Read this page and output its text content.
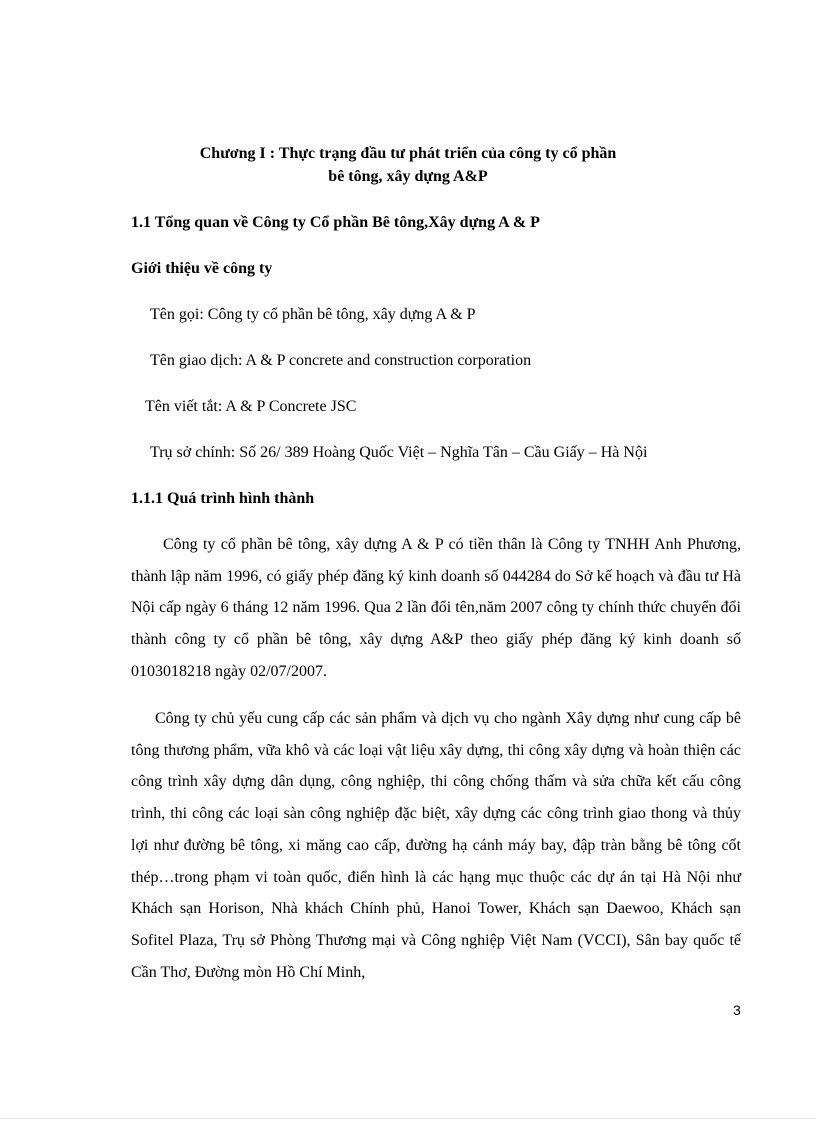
Chương I : Thực trạng đầu tư phát triển của công ty cổ phần
bê tông, xây dựng A&P
1.1 Tổng quan về Công ty Cổ phần Bê tông,Xây dựng A & P
Giới thiệu về công ty
Tên gọi: Công ty cổ phần bê tông, xây dựng A & P
Tên giao dịch: A & P concrete and construction corporation
Tên viết tắt: A & P Concrete JSC
Trụ sở chính: Số 26/ 389 Hoàng Quốc Việt – Nghĩa Tân – Cầu Giấy – Hà Nội
1.1.1 Quá trình hình thành
Công ty cổ phần bê tông, xây dựng A & P có tiền thân là Công ty TNHH Anh Phương, thành lập năm 1996, có giấy phép đăng ký kinh doanh số 044284 do Sở kế hoạch và đầu tư Hà Nội cấp ngày 6 tháng 12 năm 1996. Qua 2 lần đổi tên,năm 2007 công ty chính thức chuyển đổi thành công ty cổ phần bê tông, xây dựng A&P theo giấy phép đăng ký kinh doanh số 0103018218 ngày 02/07/2007.
Công ty chủ yếu cung cấp các sản phẩm và dịch vụ cho ngành Xây dựng như cung cấp bê tông thương phẩm, vữa khô và các loại vật liệu xây dựng, thi công xây dựng và hoàn thiện các công trình xây dựng dân dụng, công nghiệp, thi công chống thấm và sửa chữa kết cấu công trình, thi công các loại sàn công nghiệp đặc biệt, xây dựng các công trình giao thong và thủy lợi như đường bê tông, xi măng cao cấp, đường hạ cánh máy bay, đập tràn bằng bê tông cốt thép…trong phạm vi toàn quốc, điển hình là các hạng mục thuộc các dự án tại Hà Nội như Khách sạn Horison, Nhà khách Chính phủ, Hanoi Tower, Khách sạn Daewoo, Khách sạn Sofitel Plaza, Trụ sở Phòng Thương mại và Công nghiệp Việt Nam (VCCI), Sân bay quốc tế Cần Thơ, Đường mòn Hồ Chí Minh,
3
